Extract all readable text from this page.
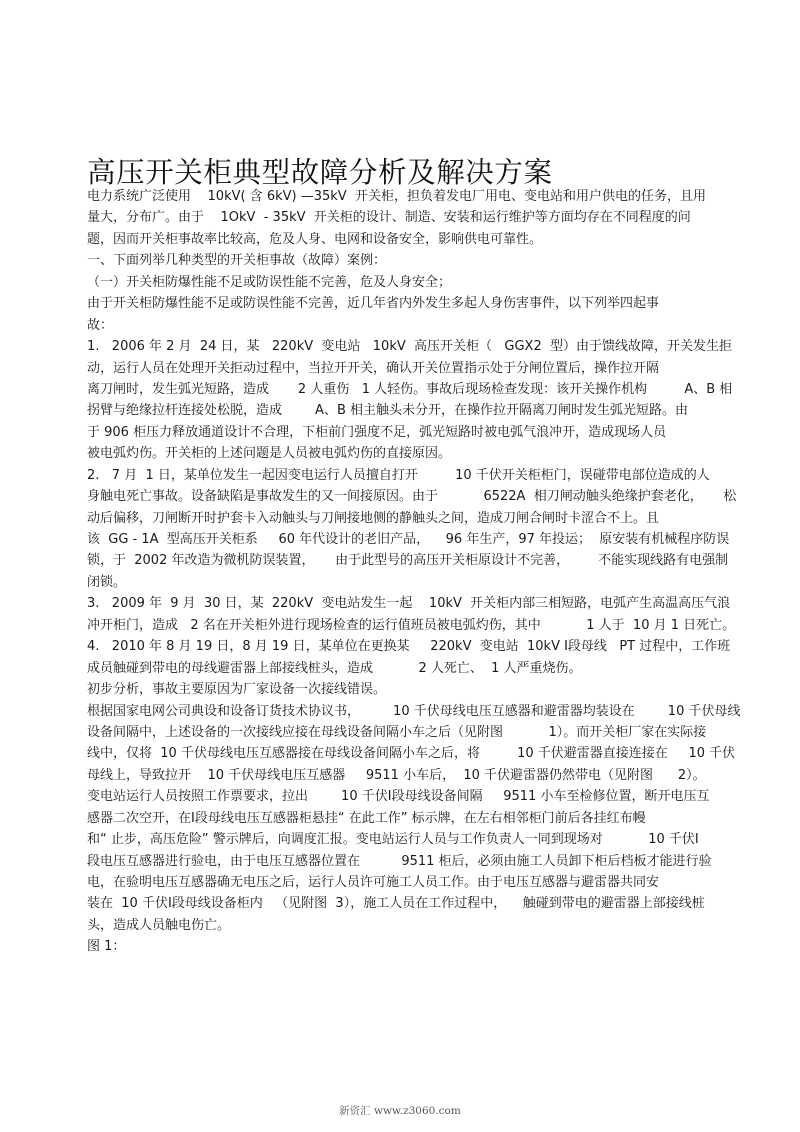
高压开关柜典型故障分析及解决方案
电力系统广泛使用    10kV( 含 6kV) —35kV  开关柜，担负着发电厂用电、变电站和用户供电的任务，且用
量大，分布广。由于    1OkV  - 35kV  开关柜的设计、制造、安装和运行维护等方面均存在不同程度的问
题，因而开关柜事故率比较高，危及人身、电网和设备安全，影响供电可靠性。
一、下面列举几种类型的开关柜事故（故障）案例：
（一）开关柜防爆性能不足或防误性能不完善，危及人身安全；
由于开关柜防爆性能不足或防误性能不完善，近几年省内外发生多起人身伤害事件，以下列举四起事
故：
1.   2006 年 2 月  24 日，某   220kV  变电站   10kV  高压开关柜（   GGX2  型）由于馈线故障，开关发生拒
动，运行人员在处理开关拒动过程中，当拉开开关，确认开关位置指示处于分闸位置后，操作拉开隔
离刀闸时，发生弧光短路，造成       2 人重伤   1 人轻伤。事故后现场检查发现：该开关操作机构         A、B 相
拐臂与绝缘拉杆连接处松脱，造成        A、B 相主触头未分开，在操作拉开隔离刀闸时发生弧光短路。由
于 906 柜压力释放通道设计不合理，下柜前门强度不足，弧光短路时被电弧气浪冲开，造成现场人员
被电弧灼伤。开关柜的上述问题是人员被电弧灼伤的直接原因。
2.   7 月  1 日，某单位发生一起因变电运行人员擅自打开         10 千伏开关柜柜门，误碰带电部位造成的人
身触电死亡事故。设备缺陷是事故发生的又一间接原因。由于           6522A  相刀闸动触头绝缘护套老化，     松
动后偏移，刀闸断开时护套卡入动触头与刀闸接地侧的静触头之间，造成刀闸合闸时卡涩合不上。且
该  GG - 1A  型高压开关柜系     60 年代设计的老旧产品，    96 年生产，97 年投运；  原安装有机械程序防误
锁，于  2002 年改造为微机防误装置，     由于此型号的高压开关柜原设计不完善，       不能实现线路有电强制
闭锁。
3.   2009 年  9 月  30 日，某  220kV  变电站发生一起    10kV  开关柜内部三相短路，电弧产生高温高压气浪
冲开柜门，造成   2 名在开关柜外进行现场检查的运行值班员被电弧灼伤，其中           1 人于  10 月 1 日死亡。
4.   2010 年 8 月 19 日，8 月 19 日，某单位在更换某     220kV  变电站  10kV Ⅰ段母线   PT 过程中，工作班
成员触碰到带电的母线避雷器上部接线桩头，造成           2 人死亡、  1 人严重烧伤。
初步分析，事故主要原因为厂家设备一次接线错误。
根据国家电网公司典设和设备订货技术协议书，        10 千伏母线电压互感器和避雷器均装设在        10 千伏母线
设备间隔中，上述设备的一次接线应接在母线设备间隔小车之后（见附图           1）。而开关柜厂家在实际接
线中，仅将  10 千伏母线电压互感器接在母线设备间隔小车之后，将         10 千伏避雷器直接连接在     10 千伏
母线上，导致拉开    10 千伏母线电压互感器     9511 小车后，  10 千伏避雷器仍然带电（见附图      2）。
变电站运行人员按照工作票要求，拉出        10 千伏Ⅰ段母线设备间隔     9511 小车至检修位置，断开电压互
感器二次空开，在Ⅰ段母线电压互感器柜悬挂“ 在此工作” 标示牌，在左右相邻柜门前后各挂红布幔
和“ 止步，高压危险” 警示牌后，向调度汇报。变电站运行人员与工作负责人一同到现场对           10 千伏Ⅰ
段电压互感器进行验电，由于电压互感器位置在          9511 柜后，必须由施工人员卸下柜后档板才能进行验
电，在验明电压互感器确无电压之后，运行人员许可施工人员工作。由于电压互感器与避雷器共同安
装在  10 千伏Ⅰ段母线设备柜内   （见附图  3），施工人员在工作过程中，    触碰到带电的避雷器上部接线桩
头，造成人员触电伤亡。
图 1：
新资汇 www.z3060.com
